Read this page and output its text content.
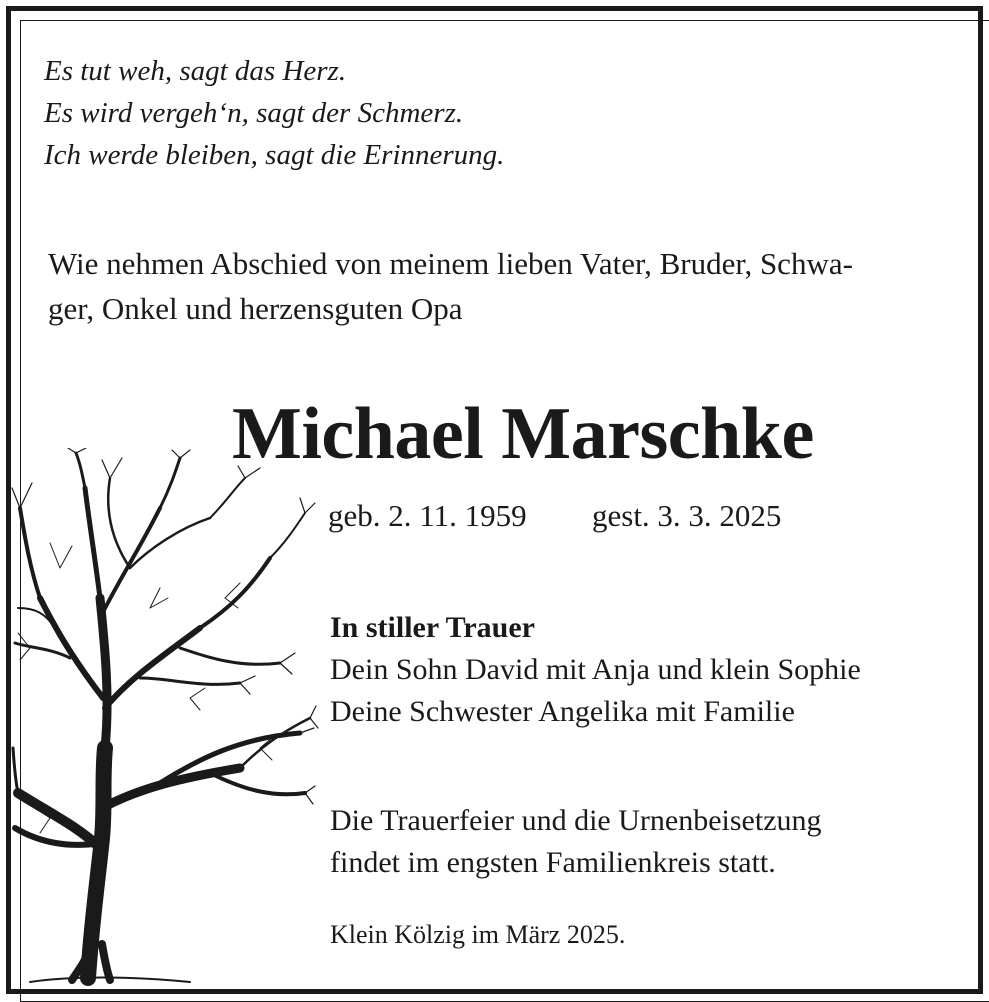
Es tut weh, sagt das Herz.
Es wird vergeh‘n, sagt der Schmerz.
Ich werde bleiben, sagt die Erinnerung.
Wie nehmen Abschied von meinem lieben Vater, Bruder, Schwa-
ger, Onkel und herzensguten Opa
Michael Marschke
geb. 2. 11. 1959 gest. 3. 3. 2025
In stiller Trauer
Dein Sohn David mit Anja und klein Sophie
Deine Schwester Angelika mit Familie
Die Trauerfeier und die Urnenbeisetzung
findet im engsten Familienkreis statt.
Klein Kölzig im März 2025.
